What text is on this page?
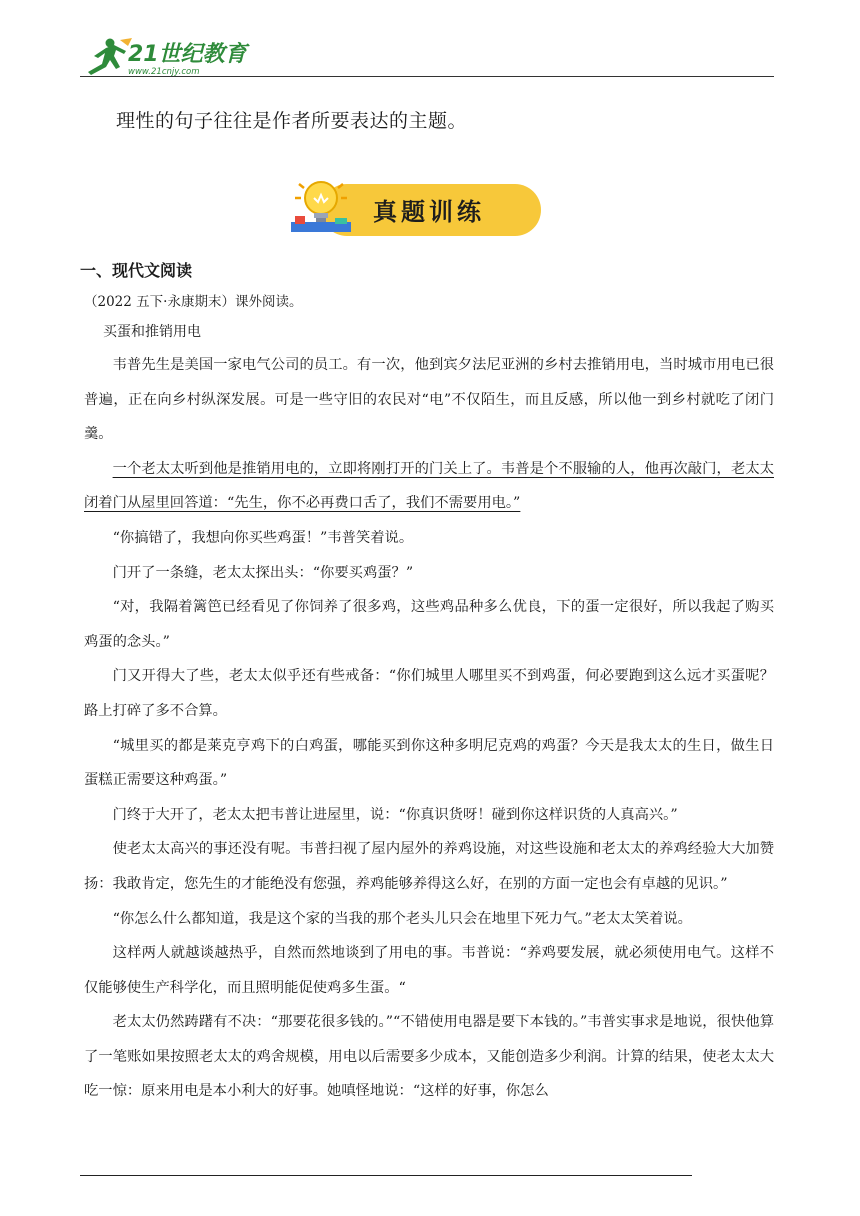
21世纪教育
www.21cnjy.com
理性的句子往往是作者所要表达的主题。
真题训练
一、现代文阅读
（2022 五下·永康期末）课外阅读。
买蛋和推销用电

韦普先生是美国一家电气公司的员工。有一次，他到宾夕法尼亚洲的乡村去推销用电，当时城市用电已很普遍，正在向乡村纵深发展。可是一些守旧的农民对“电”不仅陌生，而且反感，所以他一到乡村就吃了闭门羹。

一个老太太听到他是推销用电的，立即将刚打开的门关上了。韦普是个不服输的人，他再次敲门，老太太闭着门从屋里回答道：“先生，你不必再费口舌了，我们不需要用电。”

“你搞错了，我想向你买些鸡蛋！”韦普笑着说。

门开了一条缝，老太太探出头：“你要买鸡蛋？”

“对，我隔着篱笆已经看见了你饲养了很多鸡，这些鸡品种多么优良，下的蛋一定很好，所以我起了购买鸡蛋的念头。”

门又开得大了些，老太太似乎还有些戒备：“你们城里人哪里买不到鸡蛋，何必要跑到这么远才买蛋呢？路上打碎了多不合算。

“城里买的都是莱克亨鸡下的白鸡蛋，哪能买到你这种多明尼克鸡的鸡蛋？今天是我太太的生日，做生日蛋糕正需要这种鸡蛋。”

门终于大开了，老太太把韦普让进屋里，说：“你真识货呀！碰到你这样识货的人真高兴。”

使老太太高兴的事还没有呢。韦普扫视了屋内屋外的养鸡设施，对这些设施和老太太的养鸡经验大大加赞扬：我敢肯定，您先生的才能绝没有您强，养鸡能够养得这么好，在别的方面一定也会有卓越的见识。”

“你怎么什么都知道，我是这个家的当我的那个老头儿只会在地里下死力气。”老太太笑着说。

这样两人就越谈越热乎，自然而然地谈到了用电的事。韦普说：“养鸡要发展，就必须使用电气。这样不仅能够使生产科学化，而且照明能促使鸡多生蛋。“

老太太仍然踌躇有不决：“那要花很多钱的。”“不错使用电器是要下本钱的。”韦普实事求是地说，很快他算了一笔账如果按照老太太的鸡舍规模，用电以后需要多少成本，又能创造多少利润。计算的结果，使老太太大吃一惊：原来用电是本小利大的好事。她嗔怪地说：“这样的好事，你怎么
